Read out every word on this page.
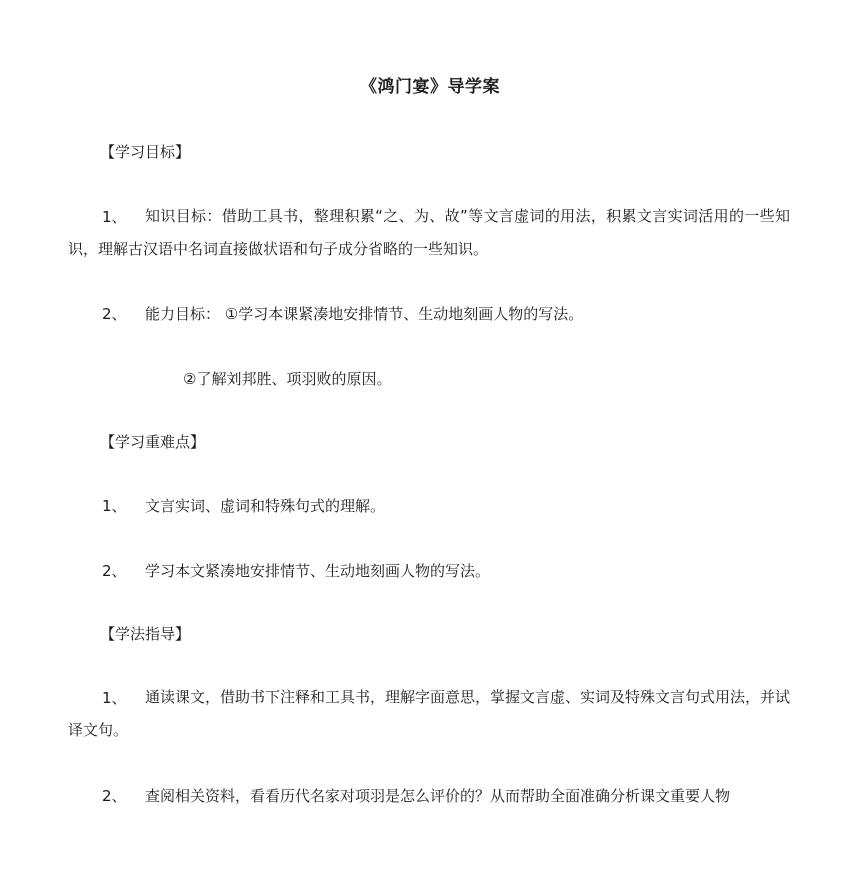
《鸿门宴》导学案
【学习目标】
1、	知识目标：借助工具书，整理积累“之、为、故”等文言虚词的用法，积累文言实词活用的一些知识，理解古汉语中名词直接做状语和句子成分省略的一些知识。
2、 能力目标： ①学习本课紧凑地安排情节、生动地刻画人物的写法。
②了解刘邦胜、项羽败的原因。
【学习重难点】
1、 文言实词、虚词和特殊句式的理解。
2、 学习本文紧凑地安排情节、生动地刻画人物的写法。
【学法指导】
1、	通读课文，借助书下注释和工具书，理解字面意思，掌握文言虚、实词及特殊文言句式用法，并试译文句。
2、 查阅相关资料，看看历代名家对项羽是怎么评价的？从而帮助全面准确分析课文重要人物
